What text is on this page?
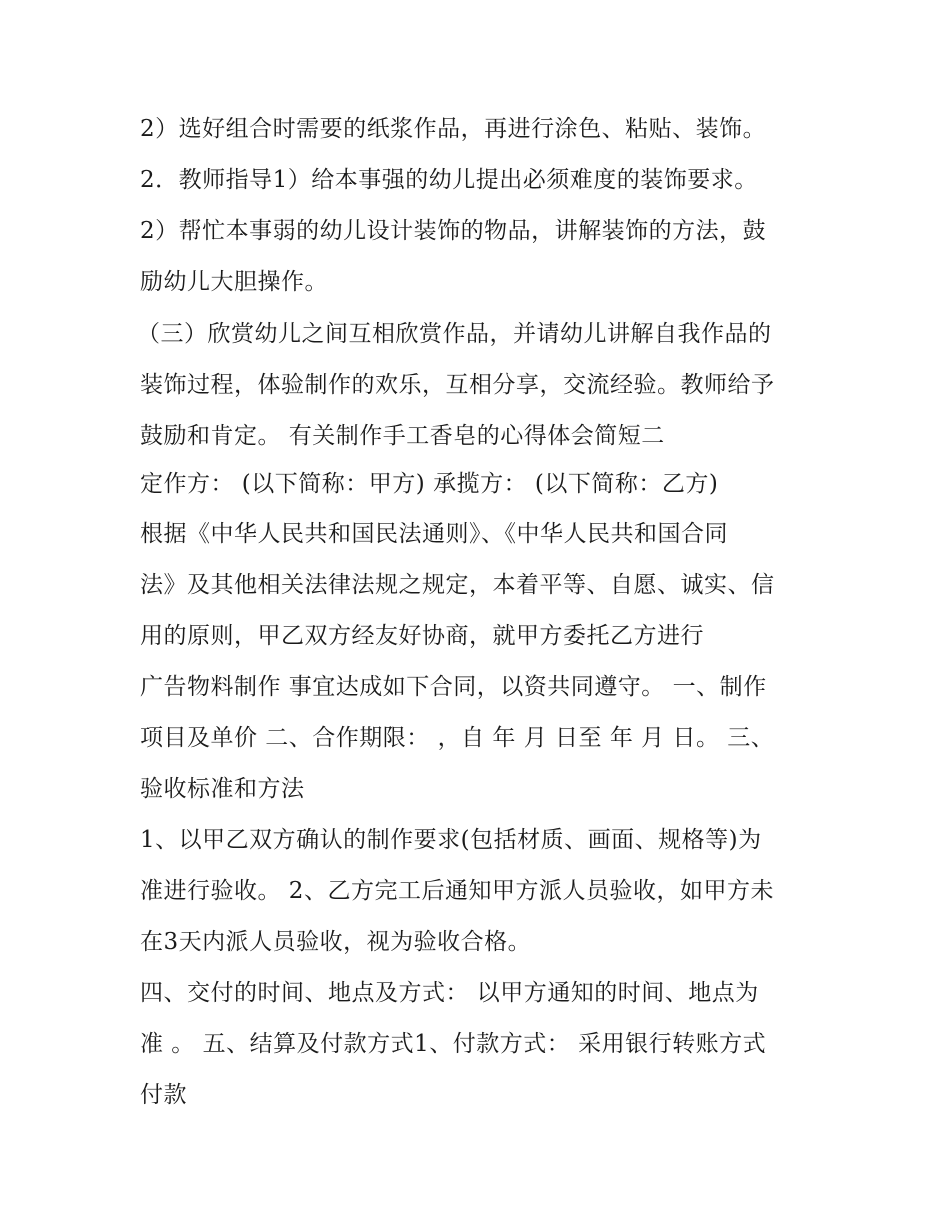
2）选好组合时需要的纸浆作品，再进行涂色、粘贴、装饰。
2．教师指导1）给本事强的幼儿提出必须难度的装饰要求。
2）帮忙本事弱的幼儿设计装饰的物品，讲解装饰的方法，鼓
励幼儿大胆操作。
（三）欣赏幼儿之间互相欣赏作品，并请幼儿讲解自我作品的
装饰过程，体验制作的欢乐，互相分享，交流经验。教师给予
鼓励和肯定。 有关制作手工香皂的心得体会简短二
定作方： (以下简称：甲方) 承揽方： (以下简称：乙方)
根据《中华人民共和国民法通则》、《中华人民共和国合同
法》及其他相关法律法规之规定，本着平等、自愿、诚实、信
用的原则，甲乙双方经友好协商，就甲方委托乙方进行
广告物料制作 事宜达成如下合同，以资共同遵守。 一、制作
项目及单价 二、合作期限： ，自 年 月 日至 年 月 日。 三、
验收标准和方法
1、以甲乙双方确认的制作要求(包括材质、画面、规格等)为
准进行验收。 2、乙方完工后通知甲方派人员验收，如甲方未
在3天内派人员验收，视为验收合格。
四、交付的时间、地点及方式： 以甲方通知的时间、地点为
准 。 五、结算及付款方式1、付款方式： 采用银行转账方式
付款
